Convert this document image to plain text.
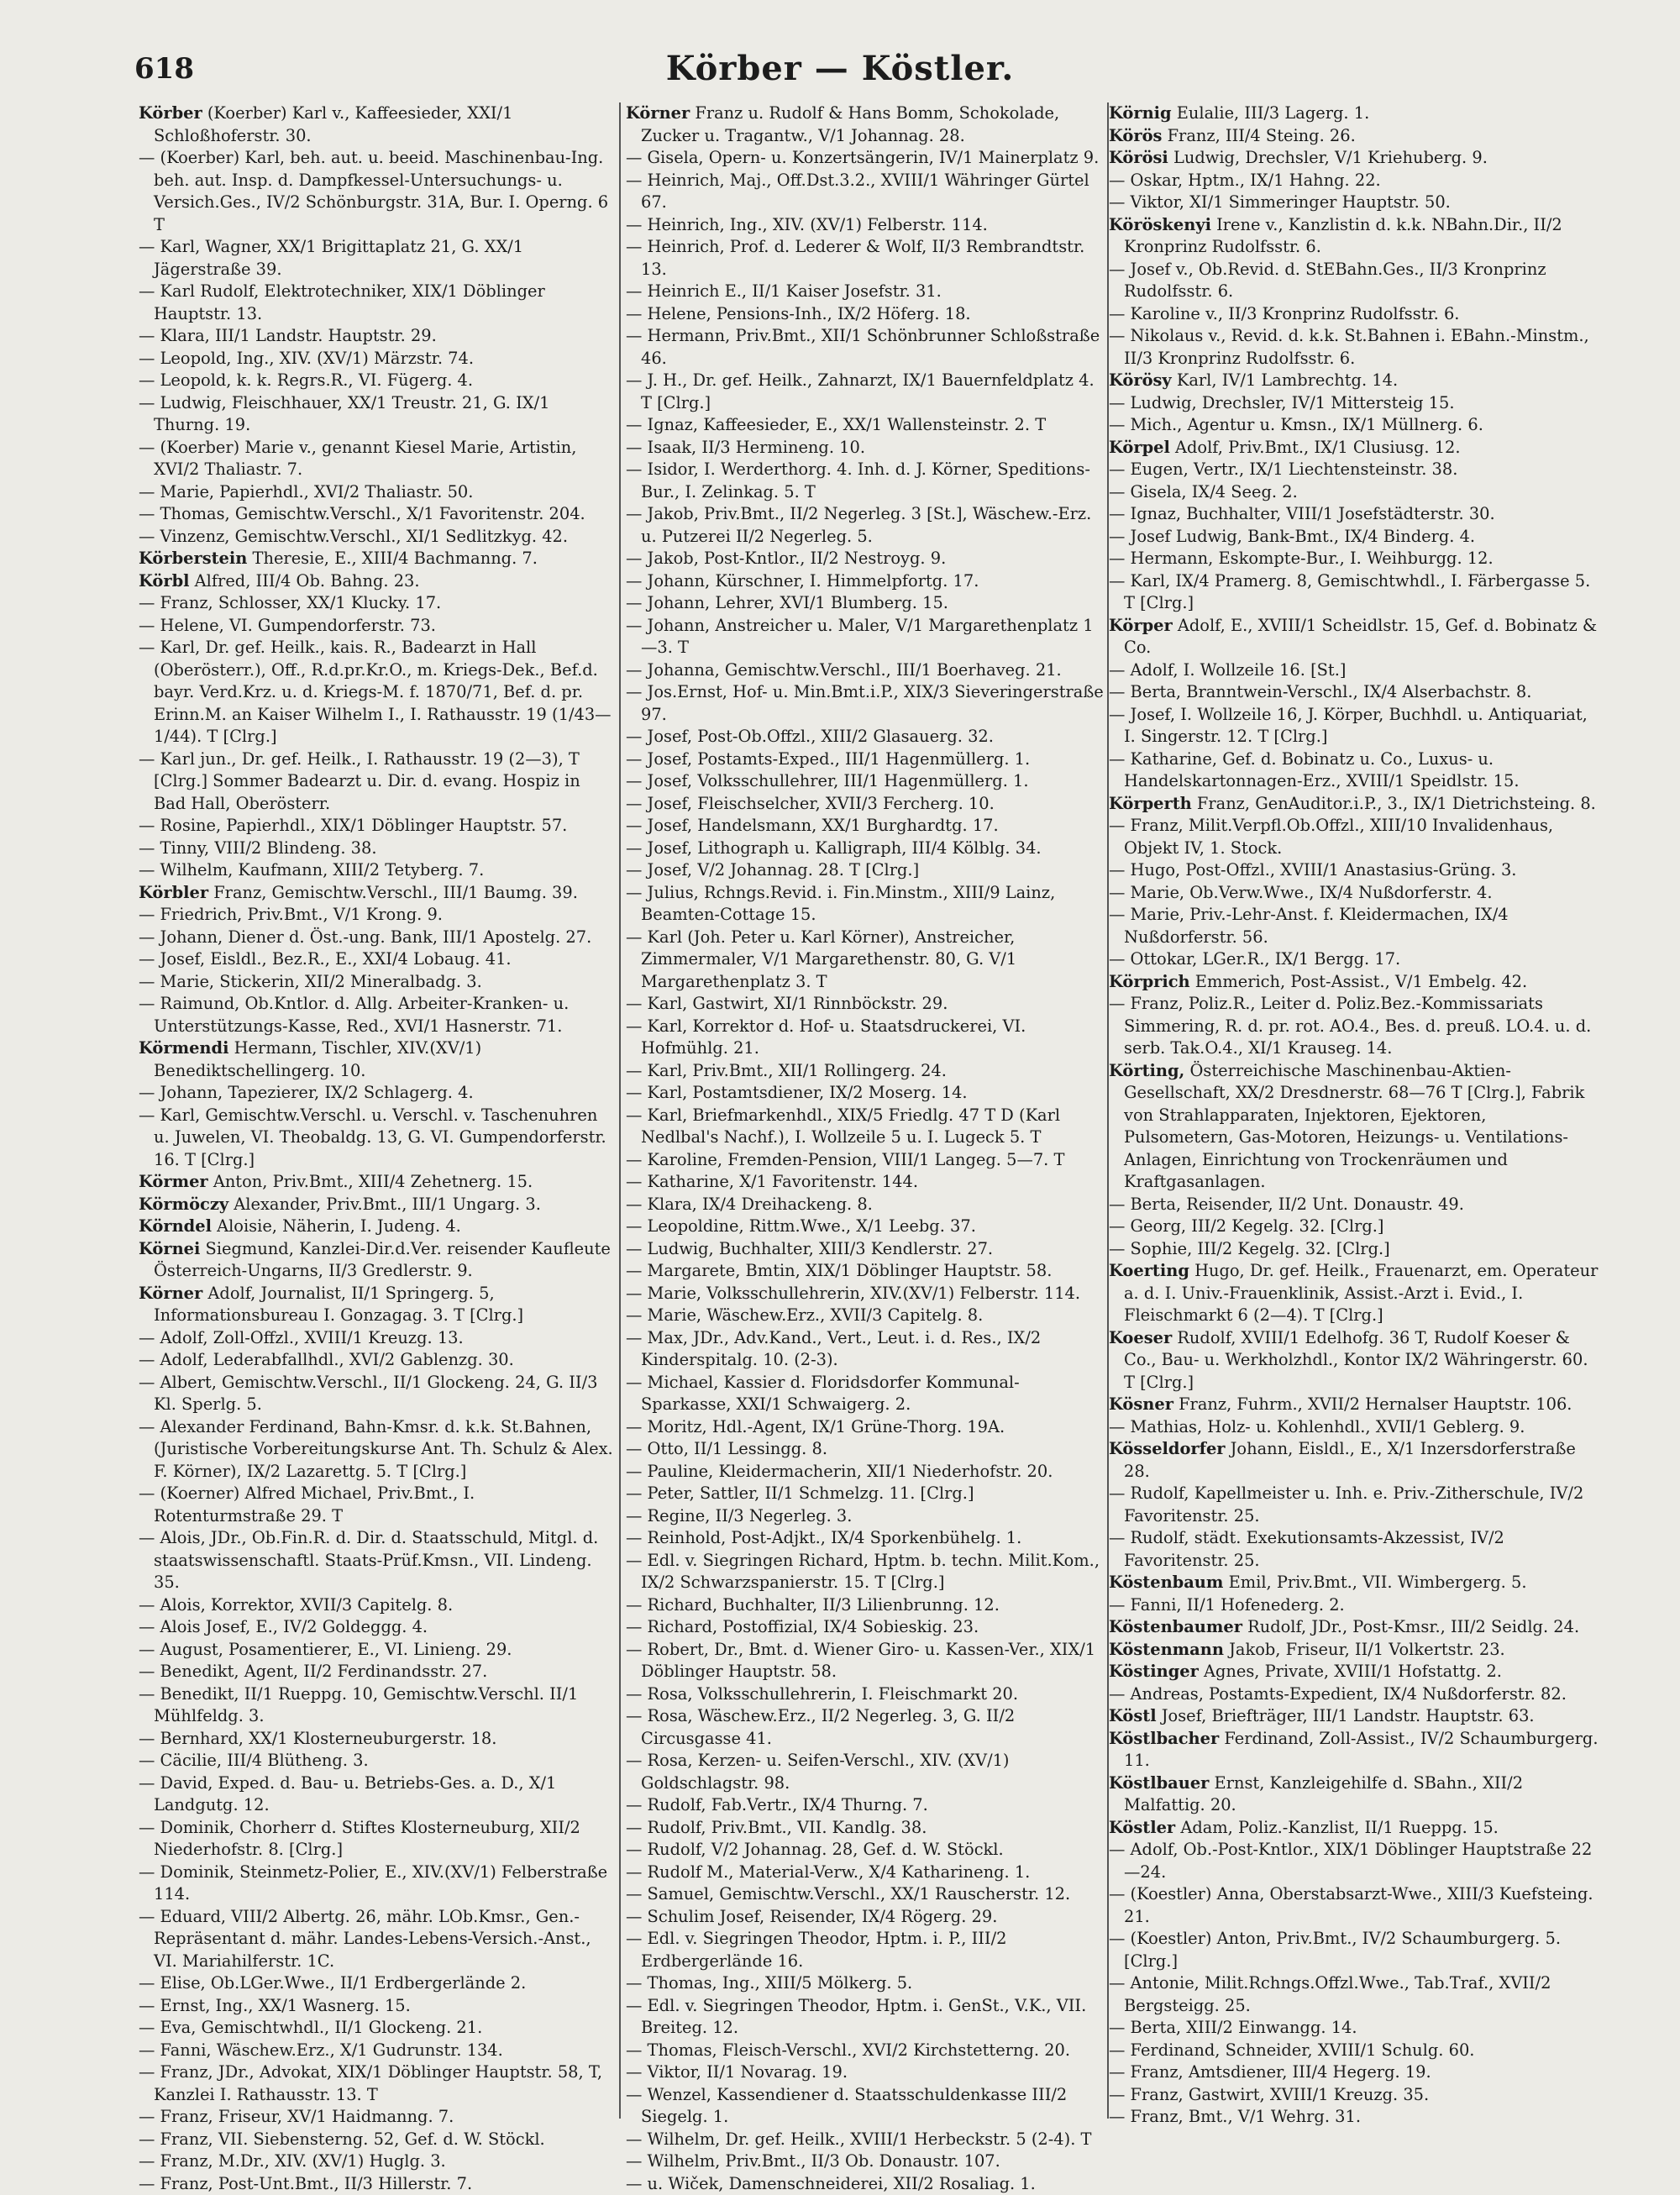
618	Körber — Köstler.
Körber (Koerber) Karl v., Kaffeesieder, XXI/1 Schloßhoferstr. 30.
— (Koerber) Karl, beh. aut. u. beeid. Maschinenbau-Ing. beh. aut. Insp. d. Dampfkessel-Untersuchungs- u. Versich.Ges., IV/2 Schönburgstr. 31A, Bur. I. Operng. 6 T
— Karl, Wagner, XX/1 Brigittaplatz 21, G. XX/1 Jägerstraße 39.
— Karl Rudolf, Elektrotechniker, XIX/1 Döblinger Hauptstr. 13.
— Klara, III/1 Landstr. Hauptstr. 29.
— Leopold, Ing., XIV. (XV/1) Märzstr. 74.
— Leopold, k. k. Regrs.R., VI. Fügerg. 4.
— Ludwig, Fleischhauer, XX/1 Treustr. 21, G. IX/1 Thurng. 19.
— (Koerber) Marie v., genannt Kiesel Marie, Artistin, XVI/2 Thaliastr. 7.
— Marie, Papierhdl., XVI/2 Thaliastr. 50.
— Thomas, Gemischtw.Verschl., X/1 Favoritenstr. 204.
— Vinzenz, Gemischtw.Verschl., XI/1 Sedlitzkyg. 42.
Körberstein Theresie, E., XIII/4 Bachmanng. 7.
Körbl Alfred, III/4 Ob. Bahng. 23.
— Franz, Schlosser, XX/1 Klucky. 17.
— Helene, VI. Gumpendorferstr. 73.
— Karl, Dr. gef. Heilk., kais. R., Badearzt in Hall (Oberösterr.), Off., R.d.pr.Kr.O., m. Kriegs-Dek., Bef.d. bayr. Verd.Krz. u. d. Kriegs-M. f. 1870/71, Bef. d. pr. Erinn.M. an Kaiser Wilhelm I., I. Rathausstr. 19 (1/43—1/44). T [Clrg.]
— Karl jun., Dr. gef. Heilk., I. Rathausstr. 19 (2—3), T [Clrg.] Sommer Badearzt u. Dir. d. evang. Hospiz in Bad Hall, Oberösterr.
— Rosine, Papierhdl., XIX/1 Döblinger Hauptstr. 57.
— Tinny, VIII/2 Blindeng. 38.
— Wilhelm, Kaufmann, XIII/2 Tetyberg. 7.
Körbler Franz, Gemischtw.Verschl., III/1 Baumg. 39.
— Friedrich, Priv.Bmt., V/1 Krong. 9.
— Johann, Diener d. Öst.-ung. Bank, III/1 Apostelg. 27.
— Josef, Eisldl., Bez.R., E., XXI/4 Lobaug. 41.
— Marie, Stickerin, XII/2 Mineralbadg. 3.
— Raimund, Ob.Kntlor. d. Allg. Arbeiter-Kranken- u. Unterstützungs-Kasse, Red., XVI/1 Hasnerstr. 71.
Körmendi Hermann, Tischler, XIV.(XV/1) Benediktschellingerg. 10.
— Johann, Tapezierer, IX/2 Schlagerg. 4.
— Karl, Gemischtw.Verschl. u. Verschl. v. Taschenuhren u. Juwelen, VI. Theobaldg. 13, G. VI. Gumpendorferstr. 16. T [Clrg.]
Körmer Anton, Priv.Bmt., XIII/4 Zehetnerg. 15.
Körmöczy Alexander, Priv.Bmt., III/1 Ungarg. 3.
Körndel Aloisie, Näherin, I. Judeng. 4.
Körnei Siegmund, Kanzlei-Dir.d.Ver. reisender Kaufleute Österreich-Ungarns, II/3 Gredlerstr. 9.
Körner Adolf, Journalist, II/1 Springerg. 5, Informationsbureau I. Gonzagag. 3. T [Clrg.]
— Adolf, Zoll-Offzl., XVIII/1 Kreuzg. 13.
— Adolf, Lederabfallhdl., XVI/2 Gablenzg. 30.
— Albert, Gemischtw.Verschl., II/1 Glockeng. 24, G. II/3 Kl. Sperlg. 5.
— Alexander Ferdinand, Bahn-Kmsr. d. k.k. St.Bahnen, (Juristische Vorbereitungskurse Ant. Th. Schulz & Alex. F. Körner), IX/2 Lazarettg. 5. T [Clrg.]
— (Koerner) Alfred Michael, Priv.Bmt., I. Rotenturmstraße 29. T
— Alois, JDr., Ob.Fin.R. d. Dir. d. Staatsschuld, Mitgl. d. staatswissenschaftl. Staats-Prüf.Kmsn., VII. Lindeng. 35.
— Alois, Korrektor, XVII/3 Capitelg. 8.
— Alois Josef, E., IV/2 Goldeggg. 4.
— August, Posamentierer, E., VI. Linieng. 29.
— Benedikt, Agent, II/2 Ferdinandsstr. 27.
— Benedikt, II/1 Rueppg. 10, Gemischtw.Verschl. II/1 Mühlfeldg. 3.
— Bernhard, XX/1 Klosterneuburgerstr. 18.
— Cäcilie, III/4 Blütheng. 3.
— David, Exped. d. Bau- u. Betriebs-Ges. a. D., X/1 Landgutg. 12.
— Dominik, Chorherr d. Stiftes Klosterneuburg, XII/2 Niederhofstr. 8. [Clrg.]
— Dominik, Steinmetz-Polier, E., XIV.(XV/1) Felberstraße 114.
— Eduard, VIII/2 Albertg. 26, mähr. LOb.Kmsr., Gen.-Repräsentant d. mähr. Landes-Lebens-Versich.-Anst., VI. Mariahilferstr. 1C.
— Elise, Ob.LGer.Wwe., II/1 Erdbergerlände 2.
— Ernst, Ing., XX/1 Wasnerg. 15.
— Eva, Gemischtwhdl., II/1 Glockeng. 21.
— Fanni, Wäschew.Erz., X/1 Gudrunstr. 134.
— Franz, JDr., Advokat, XIX/1 Döblinger Hauptstr. 58, T, Kanzlei I. Rathausstr. 13. T
— Franz, Friseur, XV/1 Haidmanng. 7.
— Franz, VII. Siebensterng. 52, Gef. d. W. Stöckl.
— Franz, M.Dr., XIV. (XV/1) Huglg. 3.
— Franz, Post-Unt.Bmt., II/3 Hillerstr. 7.
Körner Franz u. Rudolf & Hans Bomm, Schokolade, Zucker u. Tragantw., V/1 Johannag. 28.
— Gisela, Opern- u. Konzertsängerin, IV/1 Mainerplatz 9.
— Heinrich, Maj., Off.Dst.3.2., XVIII/1 Währinger Gürtel 67.
— Heinrich, Ing., XIV. (XV/1) Felberstr. 114.
— Heinrich, Prof. d. Lederer & Wolf, II/3 Rembrandtstr. 13.
— Heinrich E., II/1 Kaiser Josefstr. 31.
— Helene, Pensions-Inh., IX/2 Höferg. 18.
— Hermann, Priv.Bmt., XII/1 Schönbrunner Schloßstraße 46.
— J. H., Dr. gef. Heilk., Zahnarzt, IX/1 Bauernfeldplatz 4. T [Clrg.]
— Ignaz, Kaffeesieder, E., XX/1 Wallensteinstr. 2. T
— Isaak, II/3 Hermineng. 10.
— Isidor, I. Werderthorg. 4. Inh. d. J. Körner, Speditions-Bur., I. Zelinkag. 5. T
— Jakob, Priv.Bmt., II/2 Negerleg. 3 [St.], Wäschew.-Erz. u. Putzerei II/2 Negerleg. 5.
— Jakob, Post-Kntlor., II/2 Nestroyg. 9.
— Johann, Kürschner, I. Himmelpfortg. 17.
— Johann, Lehrer, XVI/1 Blumberg. 15.
— Johann, Anstreicher u. Maler, V/1 Margarethenplatz 1—3. T
— Johanna, Gemischtw.Verschl., III/1 Boerhaveg. 21.
— Jos.Ernst, Hof- u. Min.Bmt.i.P., XIX/3 Sieveringerstraße 97.
— Josef, Post-Ob.Offzl., XIII/2 Glasauerg. 32.
— Josef, Postamts-Exped., III/1 Hagenmüllerg. 1.
— Josef, Volksschullehrer, III/1 Hagenmüllerg. 1.
— Josef, Fleischselcher, XVII/3 Fercherg. 10.
— Josef, Handelsmann, XX/1 Burghardtg. 17.
— Josef, Lithograph u. Kalligraph, III/4 Kölblg. 34.
— Josef, V/2 Johannag. 28. T [Clrg.]
— Julius, Rchngs.Revid. i. Fin.Minstm., XIII/9 Lainz, Beamten-Cottage 15.
— Karl (Joh. Peter u. Karl Körner), Anstreicher, Zimmermaler, V/1 Margarethenstr. 80, G. V/1 Margarethenplatz 3. T
— Karl, Gastwirt, XI/1 Rinnböckstr. 29.
— Karl, Korrektor d. Hof- u. Staatsdruckerei, VI. Hofmühlg. 21.
— Karl, Priv.Bmt., XII/1 Rollingerg. 24.
— Karl, Postamtsdiener, IX/2 Moserg. 14.
— Karl, Briefmarkenhdl., XIX/5 Friedlg. 47 T D (Karl Nedlbal's Nachf.), I. Wollzeile 5 u. I. Lugeck 5. T
— Karoline, Fremden-Pension, VIII/1 Langeg. 5—7. T
— Katharine, X/1 Favoritenstr. 144.
— Klara, IX/4 Dreihackeng. 8.
— Leopoldine, Rittm.Wwe., X/1 Leebg. 37.
— Ludwig, Buchhalter, XIII/3 Kendlerstr. 27.
— Margarete, Bmtin, XIX/1 Döblinger Hauptstr. 58.
— Marie, Volksschullehrerin, XIV.(XV/1) Felberstr. 114.
— Marie, Wäschew.Erz., XVII/3 Capitelg. 8.
— Max, JDr., Adv.Kand., Vert., Leut. i. d. Res., IX/2 Kinderspitalg. 10. (2-3).
— Michael, Kassier d. Floridsdorfer Kommunal-Sparkasse, XXI/1 Schwaigerg. 2.
— Moritz, Hdl.-Agent, IX/1 Grüne-Thorg. 19A.
— Otto, II/1 Lessingg. 8.
— Pauline, Kleidermacherin, XII/1 Niederhofstr. 20.
— Peter, Sattler, II/1 Schmelzg. 11. [Clrg.]
— Regine, II/3 Negerleg. 3.
— Reinhold, Post-Adjkt., IX/4 Sporkenbühelg. 1.
— Edl. v. Siegringen Richard, Hptm. b. techn. Milit.Kom., IX/2 Schwarzspanierstr. 15. T [Clrg.]
— Richard, Buchhalter, II/3 Lilienbrunng. 12.
— Richard, Postoffizial, IX/4 Sobieskig. 23.
— Robert, Dr., Bmt. d. Wiener Giro- u. Kassen-Ver., XIX/1 Döblinger Hauptstr. 58.
— Rosa, Volksschullehrerin, I. Fleischmarkt 20.
— Rosa, Wäschew.Erz., II/2 Negerleg. 3, G. II/2 Circusgasse 41.
— Rosa, Kerzen- u. Seifen-Verschl., XIV. (XV/1) Goldschlagstr. 98.
— Rudolf, Fab.Vertr., IX/4 Thurng. 7.
— Rudolf, Priv.Bmt., VII. Kandlg. 38.
— Rudolf, V/2 Johannag. 28, Gef. d. W. Stöckl.
— Rudolf M., Material-Verw., X/4 Katharineng. 1.
— Samuel, Gemischtw.Verschl., XX/1 Rauscherstr. 12.
— Schulim Josef, Reisender, IX/4 Rögerg. 29.
— Edl. v. Siegringen Theodor, Hptm. i. P., III/2 Erdbergerlände 16.
— Thomas, Ing., XIII/5 Mölkerg. 5.
— Edl. v. Siegringen Theodor, Hptm. i. GenSt., V.K., VII. Breiteg. 12.
— Thomas, Fleisch-Verschl., XVI/2 Kirchstetterng. 20.
— Viktor, II/1 Novarag. 19.
— Wenzel, Kassendiener d. Staatsschuldenkasse III/2 Siegelg. 1.
— Wilhelm, Dr. gef. Heilk., XVIII/1 Herbeckstr. 5 (2-4). T
— Wilhelm, Priv.Bmt., II/3 Ob. Donaustr. 107.
— u. Wiček, Damenschneiderei, XII/2 Rosaliag. 1.
Körnig Eulalie, III/3 Lagerg. 1.
Körös Franz, III/4 Steing. 26.
Körösi Ludwig, Drechsler, V/1 Kriehuberg. 9.
— Oskar, Hptm., IX/1 Hahng. 22.
— Viktor, XI/1 Simmeringer Hauptstr. 50.
Köröskenyi Irene v., Kanzlistin d. k.k. NBahn.Dir., II/2 Kronprinz Rudolfsstr. 6.
— Josef v., Ob.Revid. d. StEBahn.Ges., II/3 Kronprinz Rudolfsstr. 6.
— Karoline v., II/3 Kronprinz Rudolfsstr. 6.
— Nikolaus v., Revid. d. k.k. St.Bahnen i. EBahn.-Minstm., II/3 Kronprinz Rudolfsstr. 6.
Körösy Karl, IV/1 Lambrechtg. 14.
— Ludwig, Drechsler, IV/1 Mittersteig 15.
— Mich., Agentur u. Kmsn., IX/1 Müllnerg. 6.
Körpel Adolf, Priv.Bmt., IX/1 Clusiusg. 12.
— Eugen, Vertr., IX/1 Liechtensteinstr. 38.
— Gisela, IX/4 Seeg. 2.
— Ignaz, Buchhalter, VIII/1 Josefstädterstr. 30.
— Josef Ludwig, Bank-Bmt., IX/4 Binderg. 4.
— Hermann, Eskompte-Bur., I. Weihburgg. 12.
— Karl, IX/4 Pramerg. 8, Gemischtwhdl., I. Färbergasse 5. T [Clrg.]
Körper Adolf, E., XVIII/1 Scheidlstr. 15, Gef. d. Bobinatz & Co.
— Adolf, I. Wollzeile 16. [St.]
— Berta, Branntwein-Verschl., IX/4 Alserbachstr. 8.
— Josef, I. Wollzeile 16, J. Körper, Buchhdl. u. Antiquariat, I. Singerstr. 12. T [Clrg.]
— Katharine, Gef. d. Bobinatz u. Co., Luxus- u. Handelskartonnagen-Erz., XVIII/1 Speidlstr. 15.
Körperth Franz, GenAuditor.i.P., 3., IX/1 Dietrichsteing. 8.
— Franz, Milit.Verpfl.Ob.Offzl., XIII/10 Invalidenhaus, Objekt IV, 1. Stock.
— Hugo, Post-Offzl., XVIII/1 Anastasius-Grüng. 3.
— Marie, Ob.Verw.Wwe., IX/4 Nußdorferstr. 4.
— Marie, Priv.-Lehr-Anst. f. Kleidermachen, IX/4 Nußdorferstr. 56.
— Ottokar, LGer.R., IX/1 Bergg. 17.
Körprich Emmerich, Post-Assist., V/1 Embelg. 42.
— Franz, Poliz.R., Leiter d. Poliz.Bez.-Kommissariats Simmering, R. d. pr. rot. AO.4., Bes. d. preuß. LO.4. u. d. serb. Tak.O.4., XI/1 Krauseg. 14.
Körting, Österreichische Maschinenbau-Aktien-Gesellschaft, XX/2 Dresdnerstr. 68—76 T [Clrg.], Fabrik von Strahlapparaten, Injektoren, Ejektoren, Pulsometern, Gas-Motoren, Heizungs- u. Ventilations-Anlagen, Einrichtung von Trockenräumen und Kraftgasanlagen.
— Berta, Reisender, II/2 Unt. Donaustr. 49.
— Georg, III/2 Kegelg. 32. [Clrg.]
— Sophie, III/2 Kegelg. 32. [Clrg.]
Koerting Hugo, Dr. gef. Heilk., Frauenarzt, em. Operateur a. d. I. Univ.-Frauenklinik, Assist.-Arzt i. Evid., I. Fleischmarkt 6 (2—4). T [Clrg.]
Koeser Rudolf, XVIII/1 Edelhofg. 36 T, Rudolf Koeser & Co., Bau- u. Werkholzhdl., Kontor IX/2 Währingerstr. 60. T [Clrg.]
Kösner Franz, Fuhrm., XVII/2 Hernalser Hauptstr. 106.
— Mathias, Holz- u. Kohlenhdl., XVII/1 Geblerg. 9.
Kösseldorfer Johann, Eisldl., E., X/1 Inzersdorferstraße 28.
— Rudolf, Kapellmeister u. Inh. e. Priv.-Zitherschule, IV/2 Favoritenstr. 25.
— Rudolf, städt. Exekutionsamts-Akzessist, IV/2 Favoritenstr. 25.
Köstenbaum Emil, Priv.Bmt., VII. Wimbergerg. 5.
— Fanni, II/1 Hofenederg. 2.
Köstenbaumer Rudolf, JDr., Post-Kmsr., III/2 Seidlg. 24.
Köstenmann Jakob, Friseur, II/1 Volkertstr. 23.
Köstinger Agnes, Private, XVIII/1 Hofstattg. 2.
— Andreas, Postamts-Expedient, IX/4 Nußdorferstr. 82.
Köstl Josef, Briefträger, III/1 Landstr. Hauptstr. 63.
Köstlbacher Ferdinand, Zoll-Assist., IV/2 Schaumburgerg. 11.
Köstlbauer Ernst, Kanzleigehilfe d. SBahn., XII/2 Malfattig. 20.
Köstler Adam, Poliz.-Kanzlist, II/1 Rueppg. 15.
— Adolf, Ob.-Post-Kntlor., XIX/1 Döblinger Hauptstraße 22—24.
— (Koestler) Anna, Oberstabsarzt-Wwe., XIII/3 Kuefsteing. 21.
— (Koestler) Anton, Priv.Bmt., IV/2 Schaumburgerg. 5. [Clrg.]
— Antonie, Milit.Rchngs.Offzl.Wwe., Tab.Traf., XVII/2 Bergsteigg. 25.
— Berta, XIII/2 Einwangg. 14.
— Ferdinand, Schneider, XVIII/1 Schulg. 60.
— Franz, Amtsdiener, III/4 Hegerg. 19.
— Franz, Gastwirt, XVIII/1 Kreuzg. 35.
— Franz, Bmt., V/1 Wehrg. 31.
